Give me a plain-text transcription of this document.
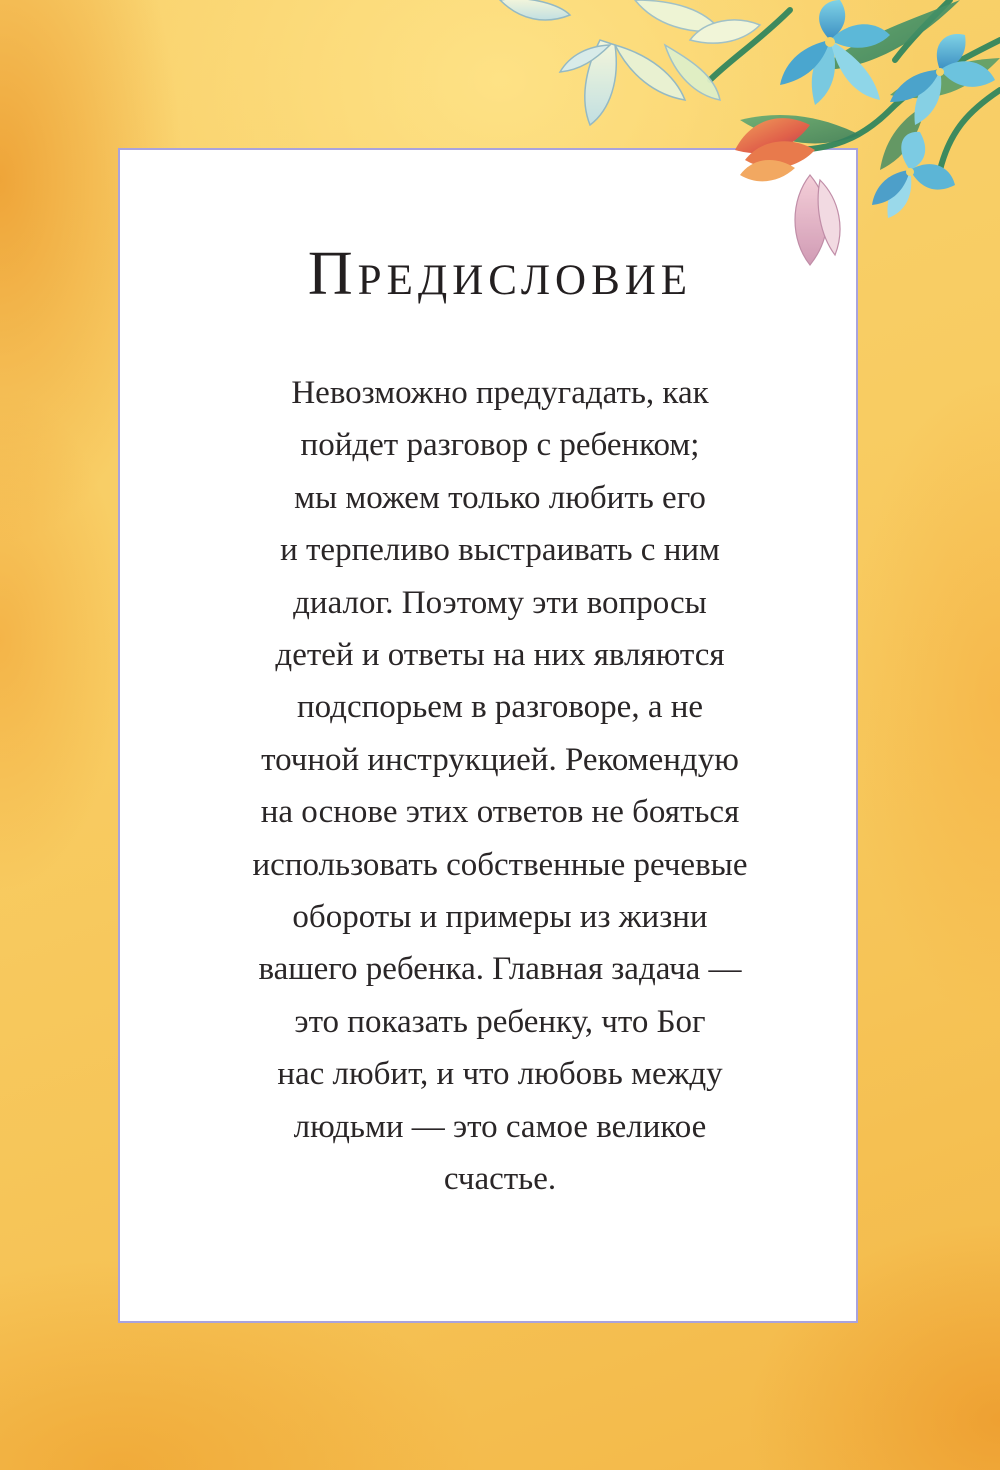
Предисловие
Невозможно предугадать, как
пойдет разговор с ребенком;
мы можем только любить его
и терпеливо выстраивать с ним
диалог. Поэтому эти вопросы
детей и ответы на них являются
подспорьем в разговоре, а не
точной инструкцией. Рекомендую
на основе этих ответов не бояться
использовать собственные речевые
обороты и примеры из жизни
вашего ребенка. Главная задача —
это показать ребенку, что Бог
нас любит, и что любовь между
людьми — это самое великое
счастье.
